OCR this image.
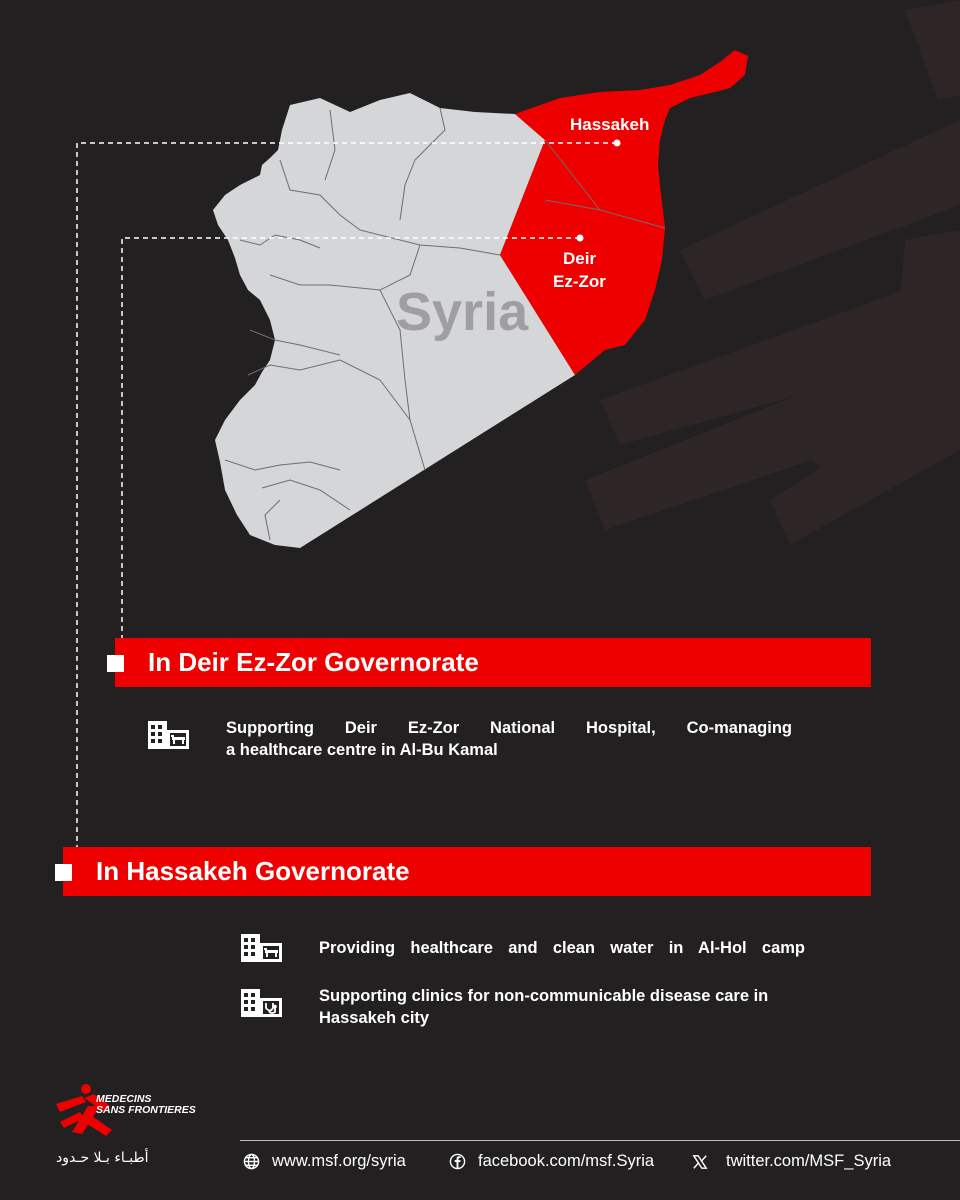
Syria
Hassakeh
Deir
Ez-Zor
In Deir Ez-Zor Governorate
Supporting Deir Ez-Zor National Hospital, Co-managing
a healthcare centre in Al-Bu Kamal
In Hassakeh Governorate
Providing healthcare and clean water in Al-Hol camp
Supporting clinics for non-communicable disease care in
Hassakeh city
MEDECINS
SANS FRONTIERES
أطبـاء بـلا حـدود	www.msf.org/syria	facebook.com/msf.Syria	twitter.com/MSF_Syria
